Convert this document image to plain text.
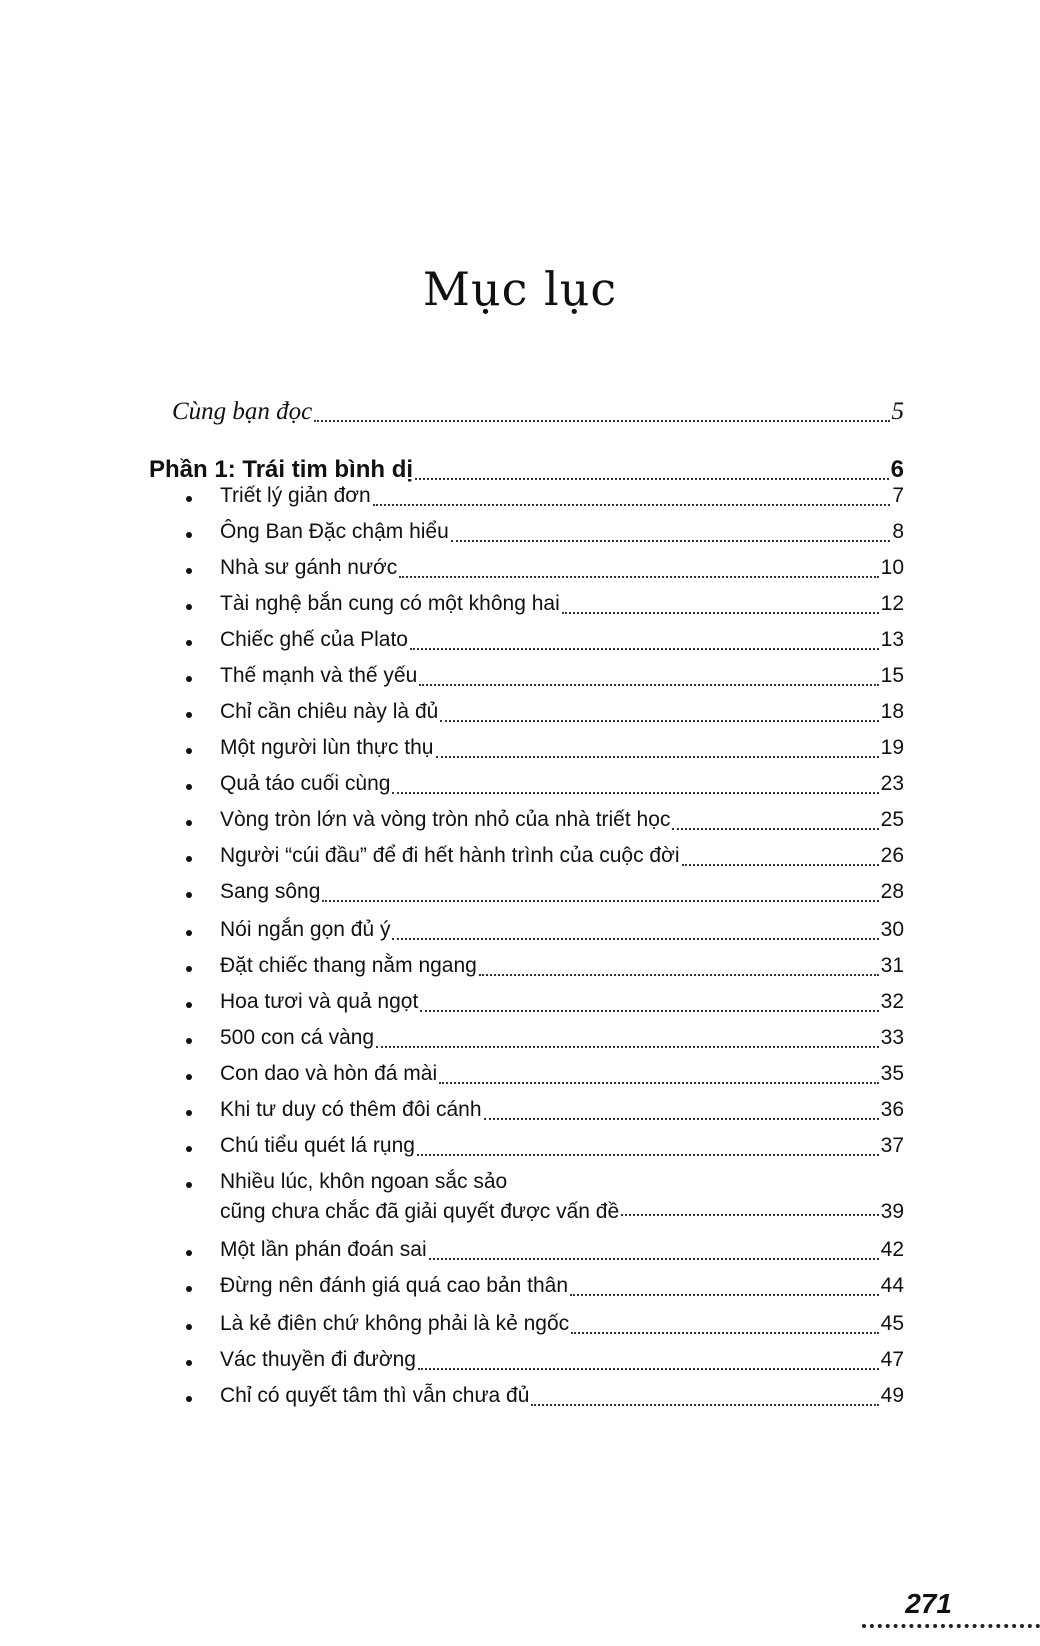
Mục lục
Cùng bạn đọc	5
Phần 1: Trái tim bình dị	6
Triết lý giản đơn	7
Ông Ban Đặc chậm hiểu	8
Nhà sư gánh nước	10
Tài nghệ bắn cung có một không hai	12
Chiếc ghế của Plato	13
Thế mạnh và thế yếu	15
Chỉ cần chiêu này là đủ	18
Một người lùn thực thụ	19
Quả táo cuối cùng	23
Vòng tròn lớn và vòng tròn nhỏ của nhà triết học	25
Người “cúi đầu” để đi hết hành trình của cuộc đời	26
Sang sông	28
Nói ngắn gọn đủ ý	30
Đặt chiếc thang nằm ngang	31
Hoa tươi và quả ngọt	32
500 con cá vàng	33
Con dao và hòn đá mài	35
Khi tư duy có thêm đôi cánh	36
Chú tiểu quét lá rụng	37
Nhiều lúc, khôn ngoan sắc sảo
cũng chưa chắc đã giải quyết được vấn đề	39
Một lần phán đoán sai	42
Đừng nên đánh giá quá cao bản thân	44
Là kẻ điên chứ không phải là kẻ ngốc	45
Vác thuyền đi đường	47
Chỉ có quyết tâm thì vẫn chưa đủ	49
271
